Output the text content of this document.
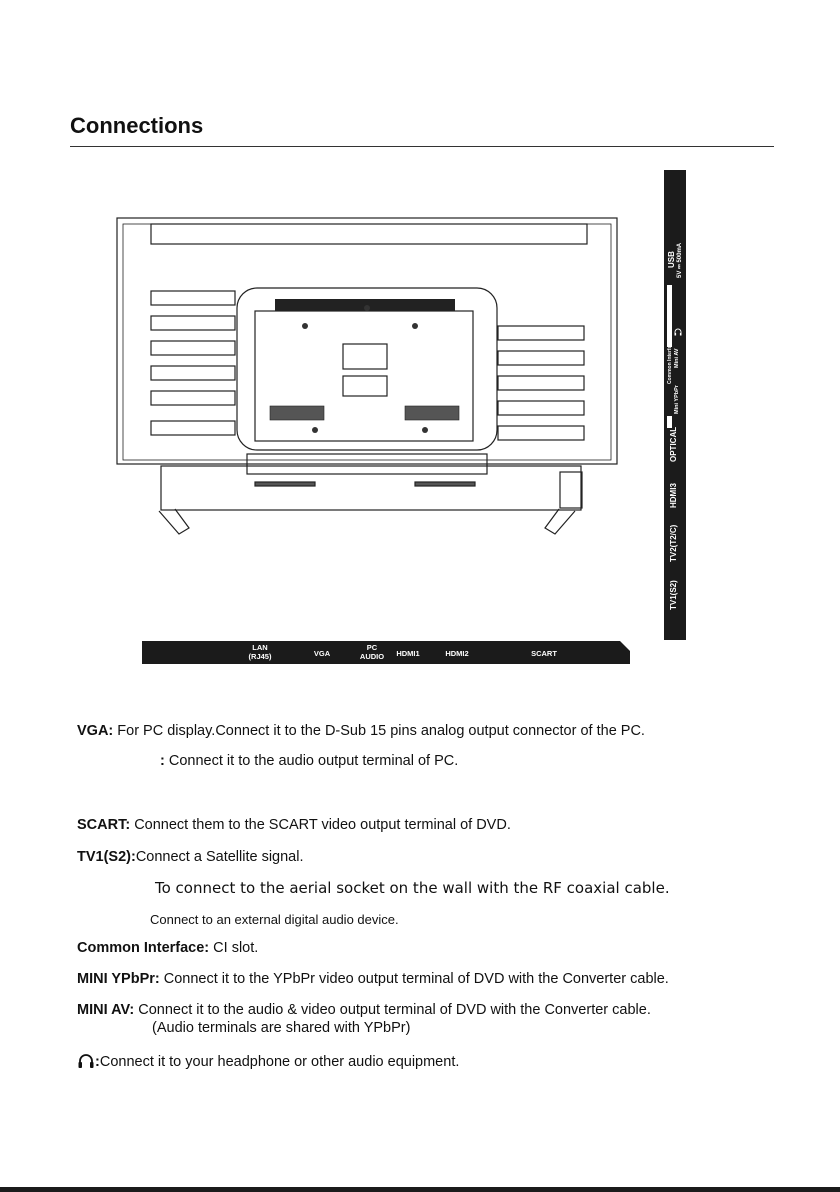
Connections
LAN
(RJ45)	VGA
PC
AUDIO	HDMI1	HDMI2	SCART
USB 5V ⎓ 500mA
Common Interface
Mini YPbPr
Mini AV
OPTICAL
HDMI3
TV2(T2/C)
TV1(S2)

VGA: For PC display.Connect it to the D-Sub 15 pins analog output connector of the PC.

: Connect it to the audio output terminal of PC.

SCART: Connect them to the SCART video output terminal of DVD.

TV1(S2):Connect a Satellite signal.

To connect to the aerial socket on the wall with the RF coaxial cable.

Connect to an external digital audio device.

Common Interface: CI slot.

MINI YPbPr: Connect it to the YPbPr video output terminal of DVD with the Converter cable.

MINI AV: Connect it to the audio & video output terminal of DVD with the Converter cable.

(Audio terminals are shared with YPbPr)

:Connect it to your headphone or other audio equipment.
